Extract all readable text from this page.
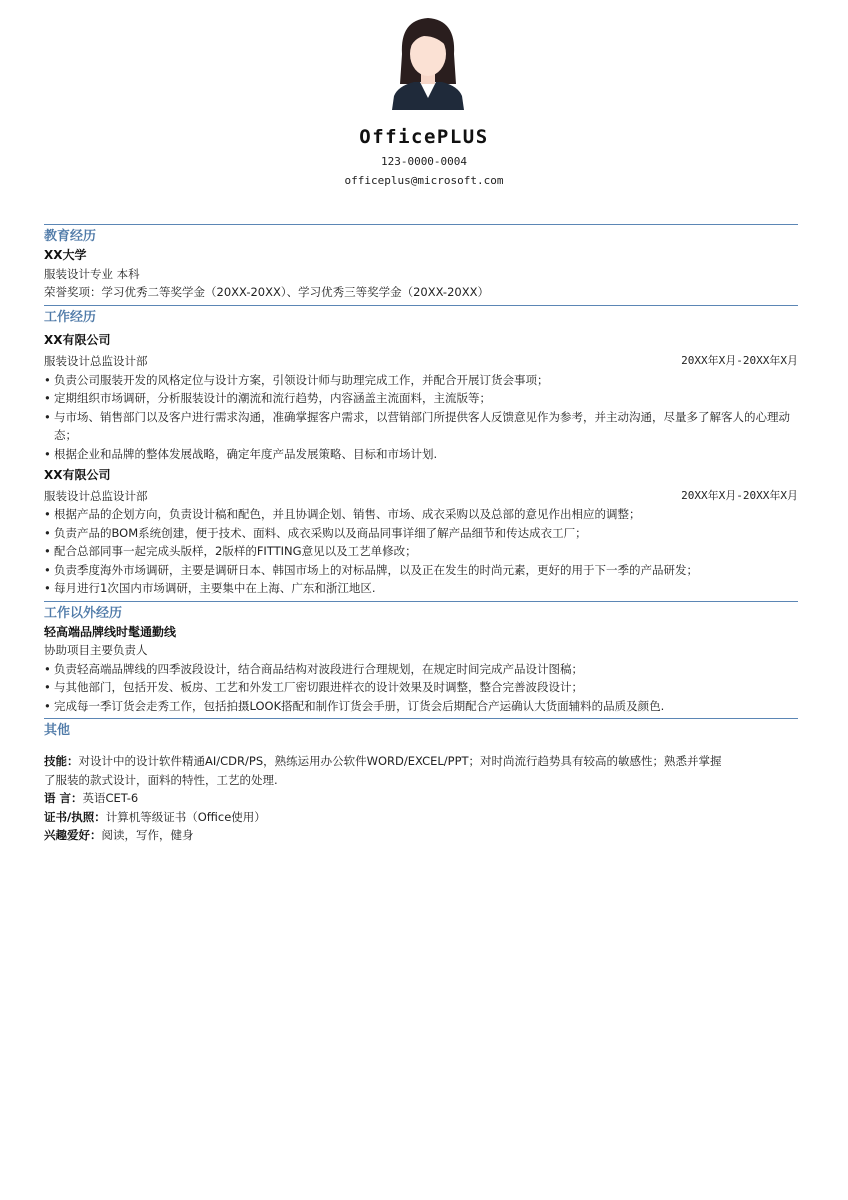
OfficePLUS
123-0000-0004
officeplus@microsoft.com
教育经历
XX大学
服装设计专业 本科
荣誉奖项：学习优秀二等奖学金（20XX-20XX）、学习优秀三等奖学金（20XX-20XX）
工作经历
XX有限公司
服装设计总监设计部	20XX年X月-20XX年X月
• 负责公司服装开发的风格定位与设计方案，引领设计师与助理完成工作，并配合开展订货会事项；
• 定期组织市场调研，分析服装设计的潮流和流行趋势，内容涵盖主流面料，主流版等；
• 与市场、销售部门以及客户进行需求沟通，准确掌握客户需求，以营销部门所提供客人反馈意见作为参考，并主动沟通，尽量多了解客人的心理动态；
• 根据企业和品牌的整体发展战略，确定年度产品发展策略、目标和市场计划.
XX有限公司
服装设计总监设计部	20XX年X月-20XX年X月
• 根据产品的企划方向，负责设计稿和配色，并且协调企划、销售、市场、成衣采购以及总部的意见作出相应的调整；
• 负责产品的BOM系统创建，便于技术、面料、成衣采购以及商品同事详细了解产品细节和传达成衣工厂；
• 配合总部同事一起完成头版样，2版样的FITTING意见以及工艺单修改；
• 负责季度海外市场调研，主要是调研日本、韩国市场上的对标品牌，以及正在发生的时尚元素，更好的用于下一季的产品研发；
• 每月进行1次国内市场调研，主要集中在上海、广东和浙江地区.
工作以外经历
轻高端品牌线时髦通勤线
协助项目主要负责人
• 负责轻高端品牌线的四季波段设计，结合商品结构对波段进行合理规划，在规定时间完成产品设计图稿；
• 与其他部门，包括开发、板房、工艺和外发工厂密切跟进样衣的设计效果及时调整，整合完善波段设计；
• 完成每一季订货会走秀工作，包括拍摄LOOK搭配和制作订货会手册，订货会后期配合产运确认大货面辅料的品质及颜色.
其他
技能：对设计中的设计软件精通AI/CDR/PS，熟练运用办公软件WORD/EXCEL/PPT；对时尚流行趋势具有较高的敏感性；熟悉并掌握
了服装的款式设计，面料的特性，工艺的处理.
语 言：英语CET-6
证书/执照：计算机等级证书（Office使用）
兴趣爱好：阅读，写作，健身
